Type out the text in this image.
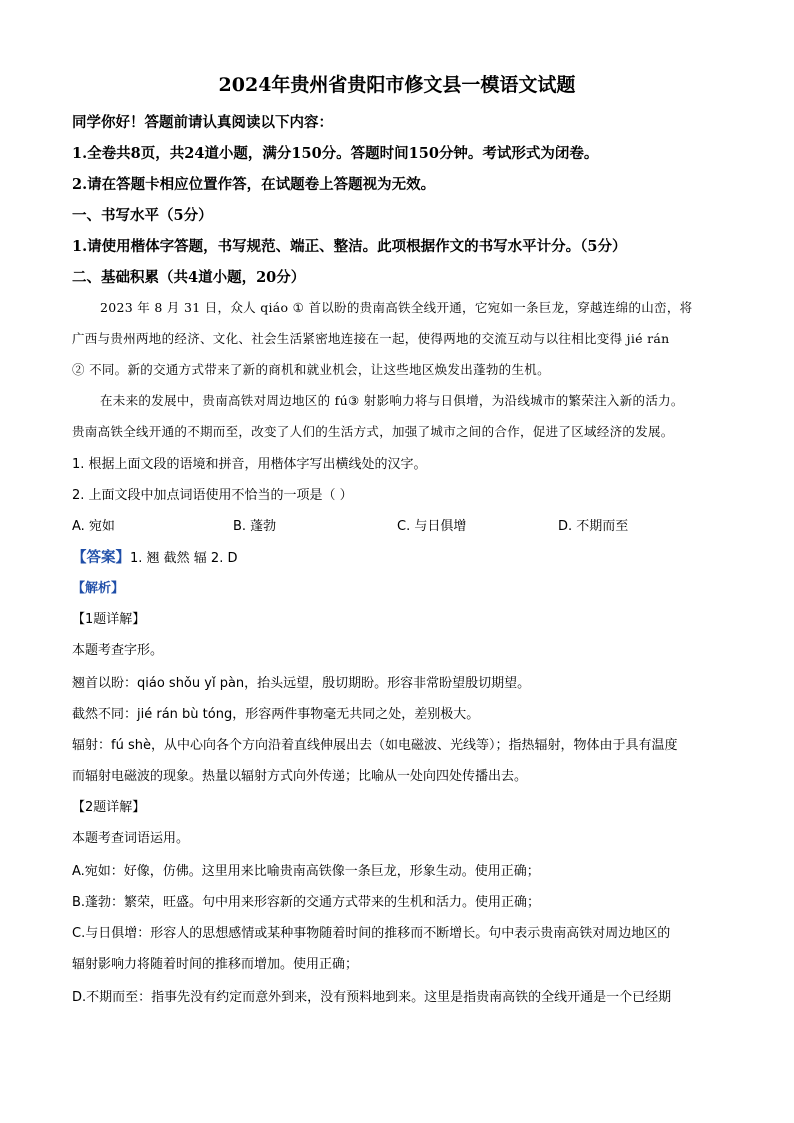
2024年贵州省贵阳市修文县一模语文试题
同学你好！答题前请认真阅读以下内容：
1.全卷共8页，共24道小题，满分150分。答题时间150分钟。考试形式为闭卷。
2.请在答题卡相应位置作答，在试题卷上答题视为无效。
一、书写水平（5分）
1.请使用楷体字答题，书写规范、端正、整洁。此项根据作文的书写水平计分。（5分）
二、基础积累（共4道小题，20分）
2023 年 8 月 31 日，众人 qiáo ① 首以盼的贵南高铁全线开通，它宛如一条巨龙，穿越连绵的山峦，将
广西与贵州两地的经济、文化、社会生活紧密地连接在一起，使得两地的交流互动与以往相比变得 jié rán
② 不同。新的交通方式带来了新的商机和就业机会，让这些地区焕发出蓬勃的生机。
在未来的发展中，贵南高铁对周边地区的 fú③ 射影响力将与日俱增，为沿线城市的繁荣注入新的活力。
贵南高铁全线开通的不期而至，改变了人们的生活方式，加强了城市之间的合作，促进了区域经济的发展。
1. 根据上面文段的语境和拼音，用楷体字写出横线处的汉字。
2. 上面文段中加点词语使用不恰当的一项是（ ）
A. 宛如	B. 蓬勃	C. 与日俱增	D. 不期而至
【答案】1. 翘 截然 辐 2. D
【解析】
【1题详解】
本题考查字形。
翘首以盼：qiáo shǒu yǐ pàn，抬头远望，殷切期盼。形容非常盼望殷切期望。
截然不同：jié rán bù tóng，形容两件事物毫无共同之处，差别极大。
辐射：fú shè，从中心向各个方向沿着直线伸展出去（如电磁波、光线等）；指热辐射，物体由于具有温度
而辐射电磁波的现象。热量以辐射方式向外传递；比喻从一处向四处传播出去。
【2题详解】
本题考查词语运用。
A.宛如：好像，仿佛。这里用来比喻贵南高铁像一条巨龙，形象生动。使用正确；
B.蓬勃：繁荣，旺盛。句中用来形容新的交通方式带来的生机和活力。使用正确；
C.与日俱增：形容人的思想感情或某种事物随着时间的推移而不断增长。句中表示贵南高铁对周边地区的
辐射影响力将随着时间的推移而增加。使用正确；
D.不期而至：指事先没有约定而意外到来，没有预料地到来。这里是指贵南高铁的全线开通是一个已经期
